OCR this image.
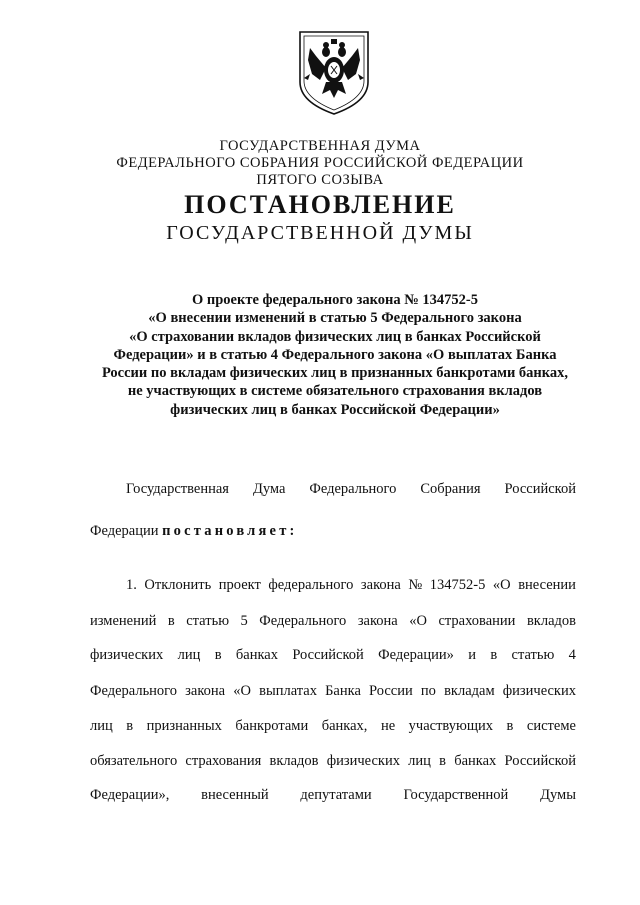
ГОСУДАРСТВЕННАЯ ДУМА
ФЕДЕРАЛЬНОГО СОБРАНИЯ РОССИЙСКОЙ ФЕДЕРАЦИИ
ПЯТОГО СОЗЫВА
ПОСТАНОВЛЕНИЕ
ГОСУДАРСТВЕННОЙ ДУМЫ
О проекте федерального закона № 134752-5
«О внесении изменений в статью 5 Федерального закона
«О страховании вкладов физических лиц в банках Российской
Федерации» и в статью 4 Федерального закона «О выплатах Банка
России по вкладам физических лиц в признанных банкротами банках,
не участвующих в системе обязательного страхования вкладов
физических лиц в банках Российской Федерации»
Государственная Дума Федерального Собрания Российской
Федерации постановляет:
1. Отклонить проект федерального закона № 134752-5 «О внесении
изменений в статью 5 Федерального закона «О страховании вкладов
физических лиц в банках Российской Федерации» и в статью 4
Федерального закона «О выплатах Банка России по вкладам физических
лиц в признанных банкротами банках, не участвующих в системе
обязательного страхования вкладов физических лиц в банках Российской
Федерации», внесенный депутатами Государственной Думы
